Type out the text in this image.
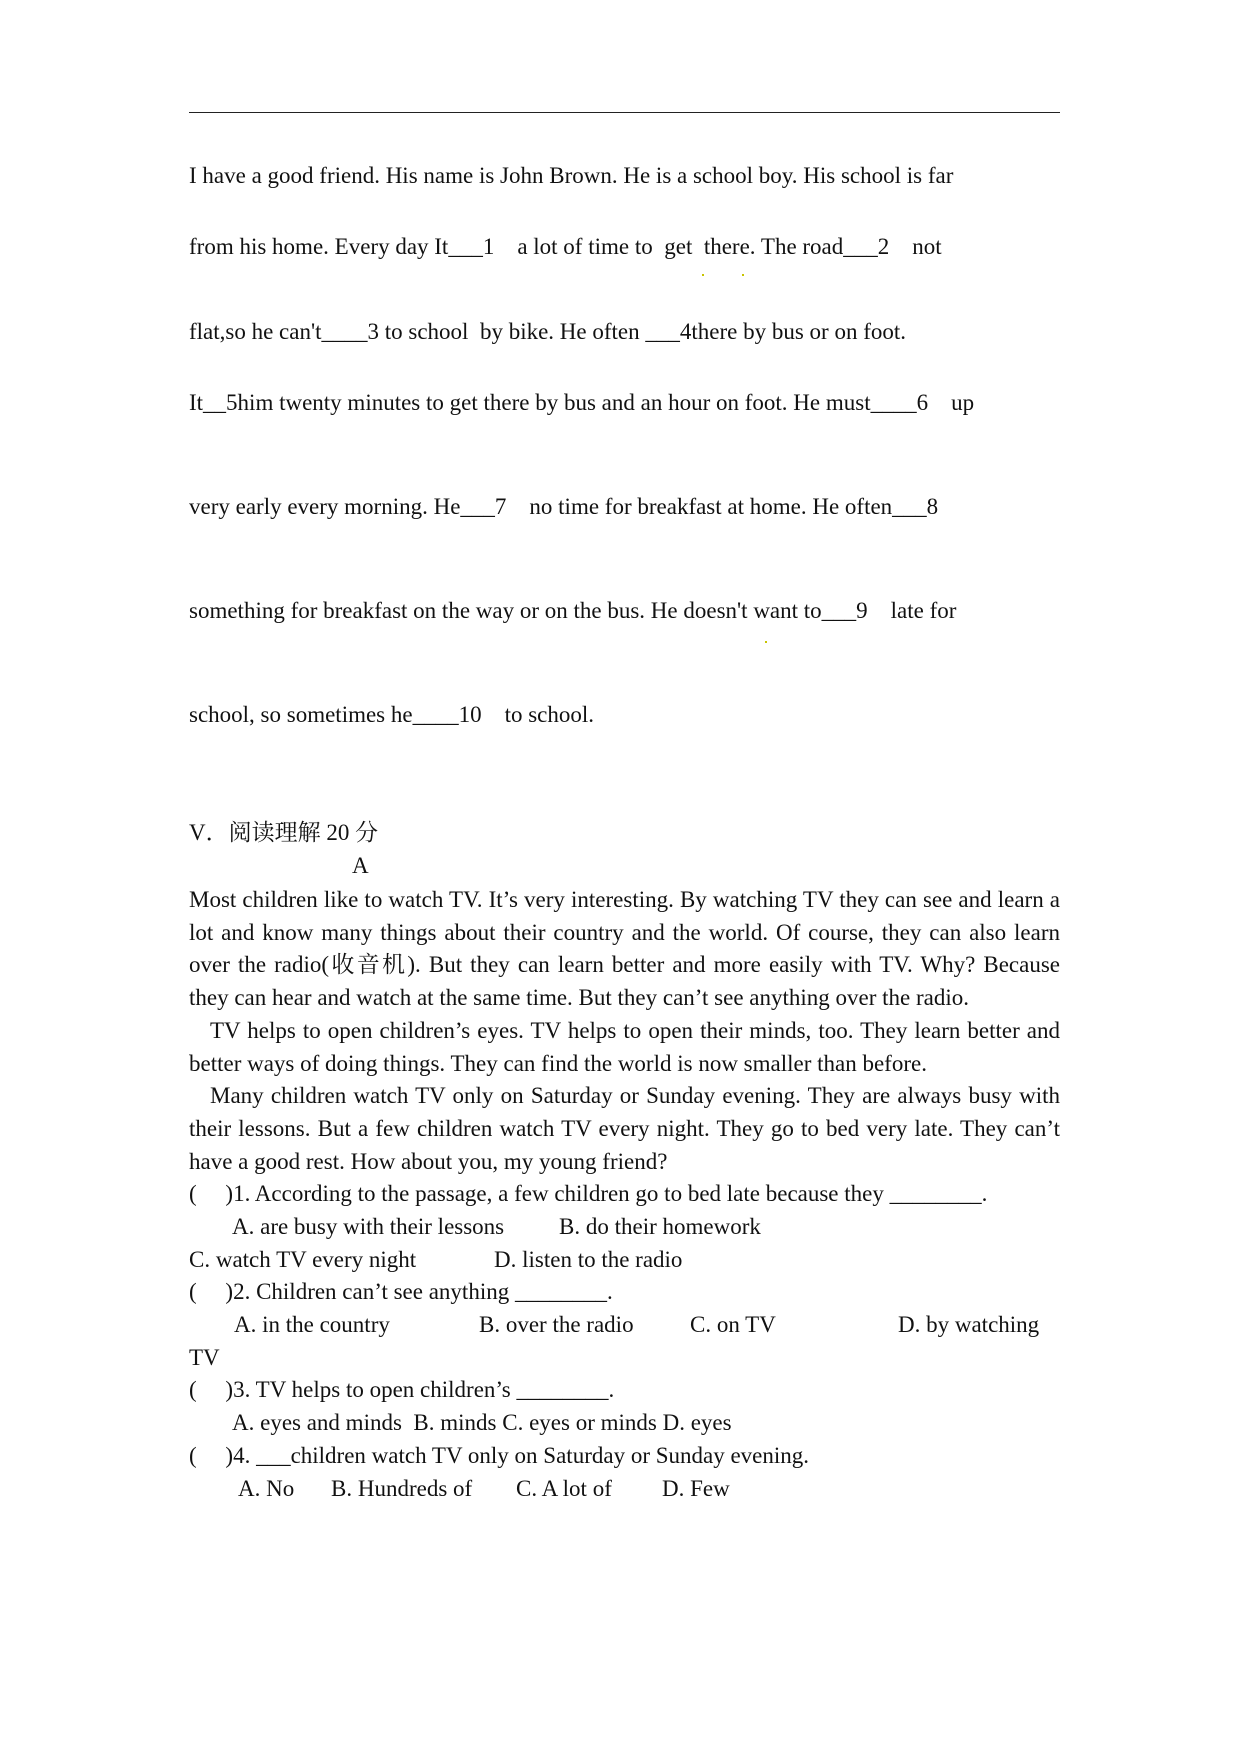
I have a good friend. His name is John Brown. He is a school boy. His school is far
from his home. Every day It___1    a lot of time to  get  there. The road___2    not
flat,so he can't____3 to school  by bike. He often ___4there by bus or on foot.
It__5him twenty minutes to get there by bus and an hour on foot. He must____6    up
very early every morning. He___7    no time for breakfast at home. He often___8
something for breakfast on the way or on the bus. He doesn't want to___9    late for
school, so sometimes he____10    to school.
V．阅读理解 20 分
A

Most children like to watch TV. It’s very interesting. By watching TV they can see and learn a lot and know many things about their country and the world. Of course, they can also learn over the radio(收音机). But they can learn better and more easily with TV. Why? Because they can hear and watch at the same time. But they can’t see anything over the radio.

TV helps to open children’s eyes. TV helps to open their minds, too. They learn better and better ways of doing things. They can find the world is now smaller than before.

Many children watch TV only on Saturday or Sunday evening. They are always busy with their lessons. But a few children watch TV every night. They go to bed very late. They can’t have a good rest. How about you, my young friend?

(     )1. According to the passage, a few children go to bed late because they ________.

A. are busy with their lessons

B. do their homework

C. watch TV every night

	D. listen to the radio

(     )2. Children can’t see anything ________.

A. in the country

	B. over the radio

C. on TV

	D. by watching

TV
(     )3. TV helps to open children’s ________.

A. eyes and minds  B. minds C. eyes or minds D. eyes

(     )4. ___children watch TV only on Saturday or Sunday evening.

A. No

B. Hundreds of

C. A lot of

D. Few
